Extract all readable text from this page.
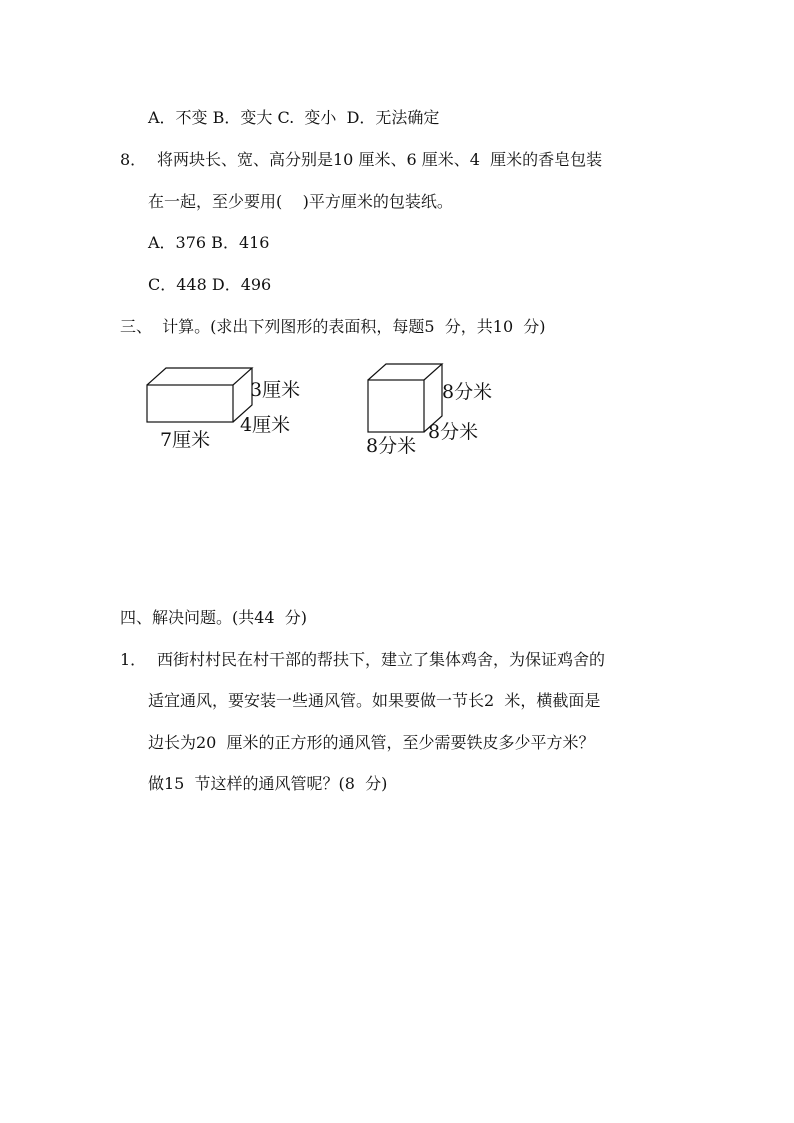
A．不变 B．变大 C.  变小  D．无法确定

8． 将两块长、宽、高分别是10 厘米、6 厘米、4  厘米的香皂包装

在一起，至少要用(    )平方厘米的包装纸。

A．376 B．416

C．448 D．496

三、  计算。(求出下列图形的表面积，每题5  分，共10  分)

3厘米
4厘米
7厘米
8分米
8分米
8分米

四、解决问题。(共44  分)

1． 西街村村民在村干部的帮扶下，建立了集体鸡舍，为保证鸡舍的

适宜通风，要安装一些通风管。如果要做一节长2  米，横截面是

边长为20  厘米的正方形的通风管，至少需要铁皮多少平方米？

做15  节这样的通风管呢？(8  分)
